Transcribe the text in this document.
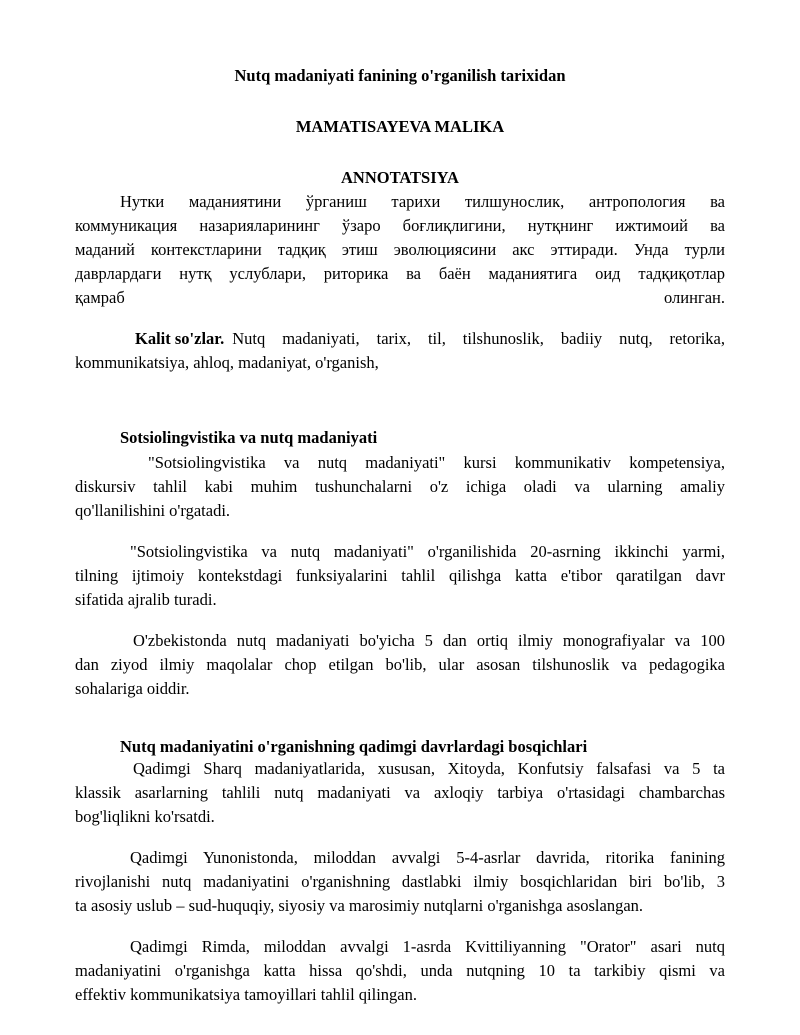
Nutq madaniyati fanining o'rganilish tarixidan

MAMATISAYEVA MALIKA

ANNOTATSIYA

Нутки маданиятини ўрганиш тарихи тилшунослик, антропология ва

коммуникация назарияларининг ўзаро боғлиқлигини, нутқнинг ижтимоий ва

маданий контекстларини тадқиқ этиш эволюциясини акс эттиради. Унда турли

даврлардаги нутқ услублари, риторика ва баён маданиятига оид тадқиқотлар

қамраб	олинган.

Kalit so'zlar. Nutq madaniyati, tarix, til, tilshunoslik, badiiy nutq, retorika,

kommunikatsiya, ahloq, madaniyat, o'rganish,

Sotsiolingvistika va nutq madaniyati

"Sotsiolingvistika va nutq madaniyati" kursi kommunikativ kompetensiya,

diskursiv tahlil kabi muhim tushunchalarni o'z ichiga oladi va ularning amaliy

qo'llanilishini o'rgatadi.

"Sotsiolingvistika va nutq madaniyati" o'rganilishida 20-asrning ikkinchi yarmi,

tilning ijtimoiy kontekstdagi funksiyalarini tahlil qilishga katta e'tibor qaratilgan davr

sifatida ajralib turadi.

O'zbekistonda nutq madaniyati bo'yicha 5 dan ortiq ilmiy monografiyalar va 100

dan ziyod ilmiy maqolalar chop etilgan bo'lib, ular asosan tilshunoslik va pedagogika

sohalariga oiddir.

Nutq madaniyatini o'rganishning qadimgi davrlardagi bosqichlari

Qadimgi Sharq madaniyatlarida, xususan, Xitoyda, Konfutsiy falsafasi va 5 ta

klassik asarlarning tahlili nutq madaniyati va axloqiy tarbiya o'rtasidagi chambarchas

bog'liqlikni ko'rsatdi.

Qadimgi Yunonistonda, miloddan avvalgi 5-4-asrlar davrida, ritorika fanining

rivojlanishi nutq madaniyatini o'rganishning dastlabki ilmiy bosqichlaridan biri bo'lib, 3

ta asosiy uslub – sud-huquqiy, siyosiy va marosimiy nutqlarni o'rganishga asoslangan.

Qadimgi Rimda, miloddan avvalgi 1-asrda Kvittiliyanning "Orator" asari nutq

madaniyatini o'rganishga katta hissa qo'shdi, unda nutqning 10 ta tarkibiy qismi va

effektiv kommunikatsiya tamoyillari tahlil qilingan.
